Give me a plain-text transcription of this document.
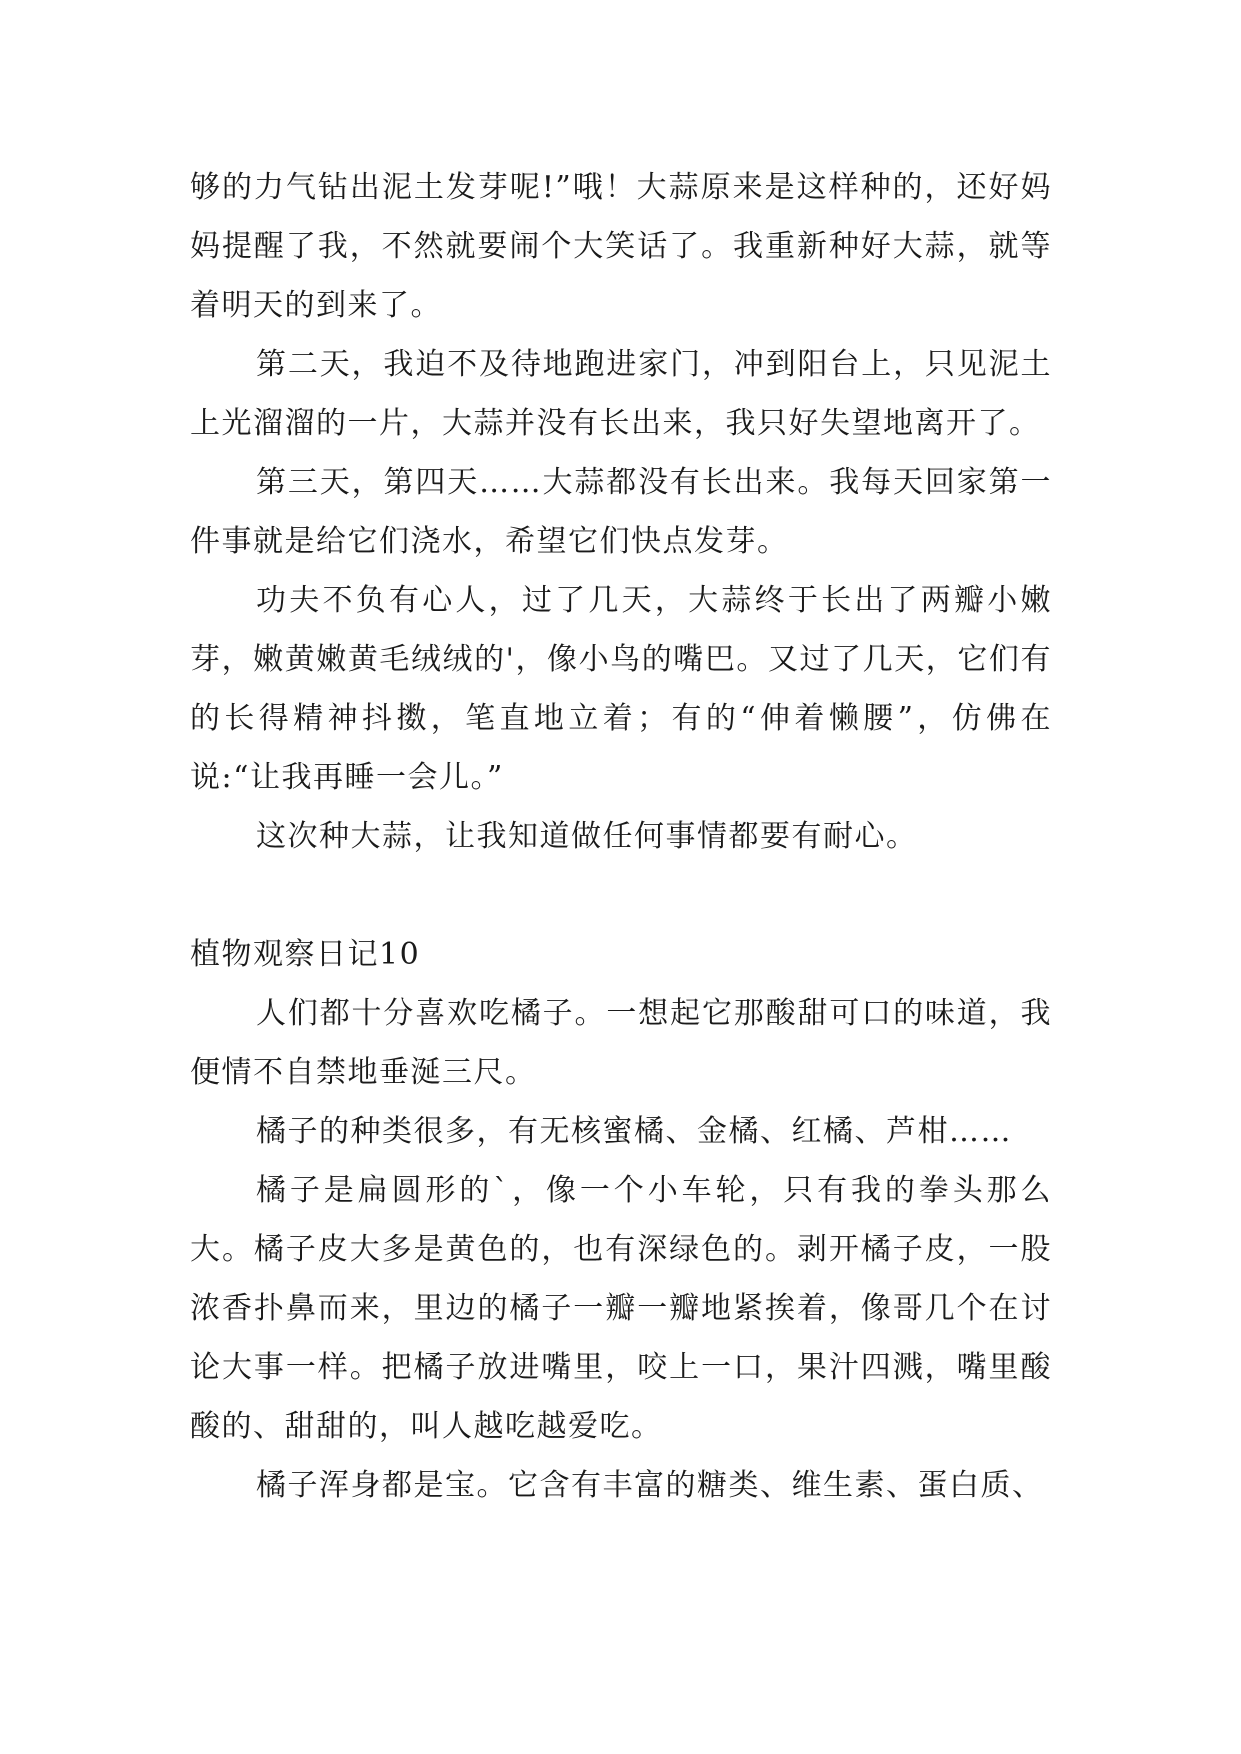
够的力气钻出泥土发芽呢!”哦！大蒜原来是这样种的，还好妈妈提醒了我，不然就要闹个大笑话了。我重新种好大蒜，就等着明天的到来了。

第二天，我迫不及待地跑进家门，冲到阳台上，只见泥土上光溜溜的一片，大蒜并没有长出来，我只好失望地离开了。

第三天，第四天……大蒜都没有长出来。我每天回家第一件事就是给它们浇水，希望它们快点发芽。

功夫不负有心人，过了几天，大蒜终于长出了两瓣小嫩芽，嫩黄嫩黄毛绒绒的'，像小鸟的嘴巴。又过了几天，它们有的长得精神抖擞，笔直地立着；有的“伸着懒腰”，仿佛在说:“让我再睡一会儿。”

这次种大蒜，让我知道做任何事情都要有耐心。

植物观察日记10

人们都十分喜欢吃橘子。一想起它那酸甜可口的味道，我便情不自禁地垂涎三尺。

橘子的种类很多，有无核蜜橘、金橘、红橘、芦柑……

橘子是扁圆形的`，像一个小车轮，只有我的拳头那么大。橘子皮大多是黄色的，也有深绿色的。剥开橘子皮，一股浓香扑鼻而来，里边的橘子一瓣一瓣地紧挨着，像哥几个在讨论大事一样。把橘子放进嘴里，咬上一口，果汁四溅，嘴里酸酸的、甜甜的，叫人越吃越爱吃。

橘子浑身都是宝。它含有丰富的糖类、维生素、蛋白质、
